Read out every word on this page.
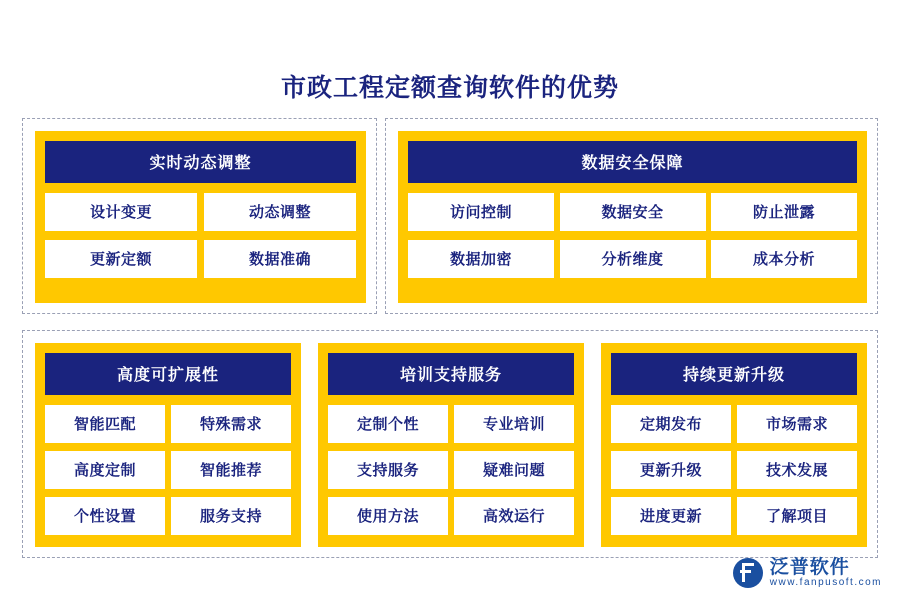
市政工程定额查询软件的优势
实时动态调整
设计变更	动态调整
更新定额	数据准确
数据安全保障
访问控制	数据安全	防止泄露
数据加密	分析维度	成本分析
高度可扩展性
智能匹配	特殊需求
高度定制	智能推荐
个性设置	服务支持
培训支持服务
定制个性	专业培训
支持服务	疑难问题
使用方法	高效运行
持续更新升级
定期发布	市场需求
更新升级	技术发展
进度更新	了解项目
泛普软件
www.fanpusoft.com
